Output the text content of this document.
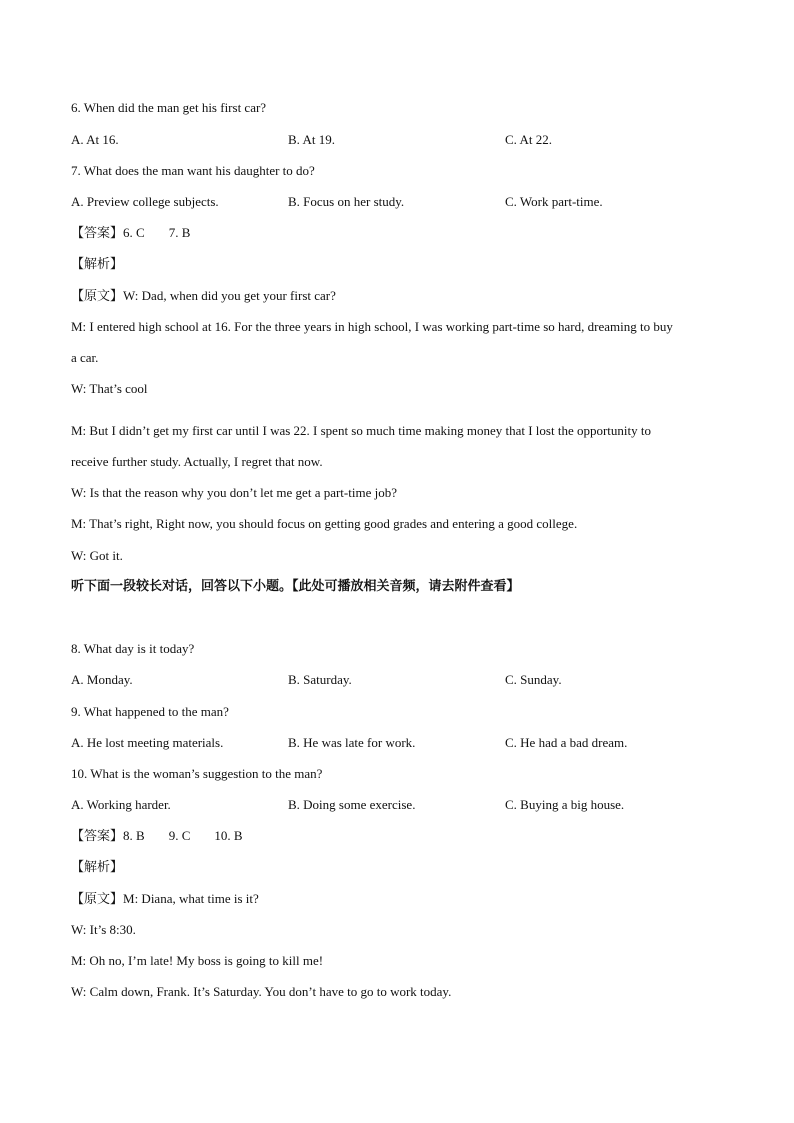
6. When did the man get his first car?
A. At 16.	B. At 19.	C. At 22.
7. What does the man want his daughter to do?
A. Preview college subjects.	B. Focus on her study.	C. Work part-time.
【答案】6. C 7. B
【解析】
【原文】W: Dad, when did you get your first car?
M: I entered high school at 16. For the three years in high school, I was working part-time so hard, dreaming to buy
a car.
W: That’s cool
M: But I didn’t get my first car until I was 22. I spent so much time making money that I lost the opportunity to
receive further study. Actually, I regret that now.
W: Is that the reason why you don’t let me get a part-time job?
M: That’s right, Right now, you should focus on getting good grades and entering a good college.
W: Got it.
听下面一段较长对话，回答以下小题。【此处可播放相关音频，请去附件查看】
8. What day is it today?
A. Monday.	B. Saturday.	C. Sunday.
9. What happened to the man?
A. He lost meeting materials.	B. He was late for work.	C. He had a bad dream.
10. What is the woman’s suggestion to the man?
A. Working harder.	B. Doing some exercise.	C. Buying a big house.
【答案】8. B 9. C 10. B
【解析】
【原文】M: Diana, what time is it?
W: It’s 8:30.
M: Oh no, I’m late! My boss is going to kill me!
W: Calm down, Frank. It’s Saturday. You don’t have to go to work today.
